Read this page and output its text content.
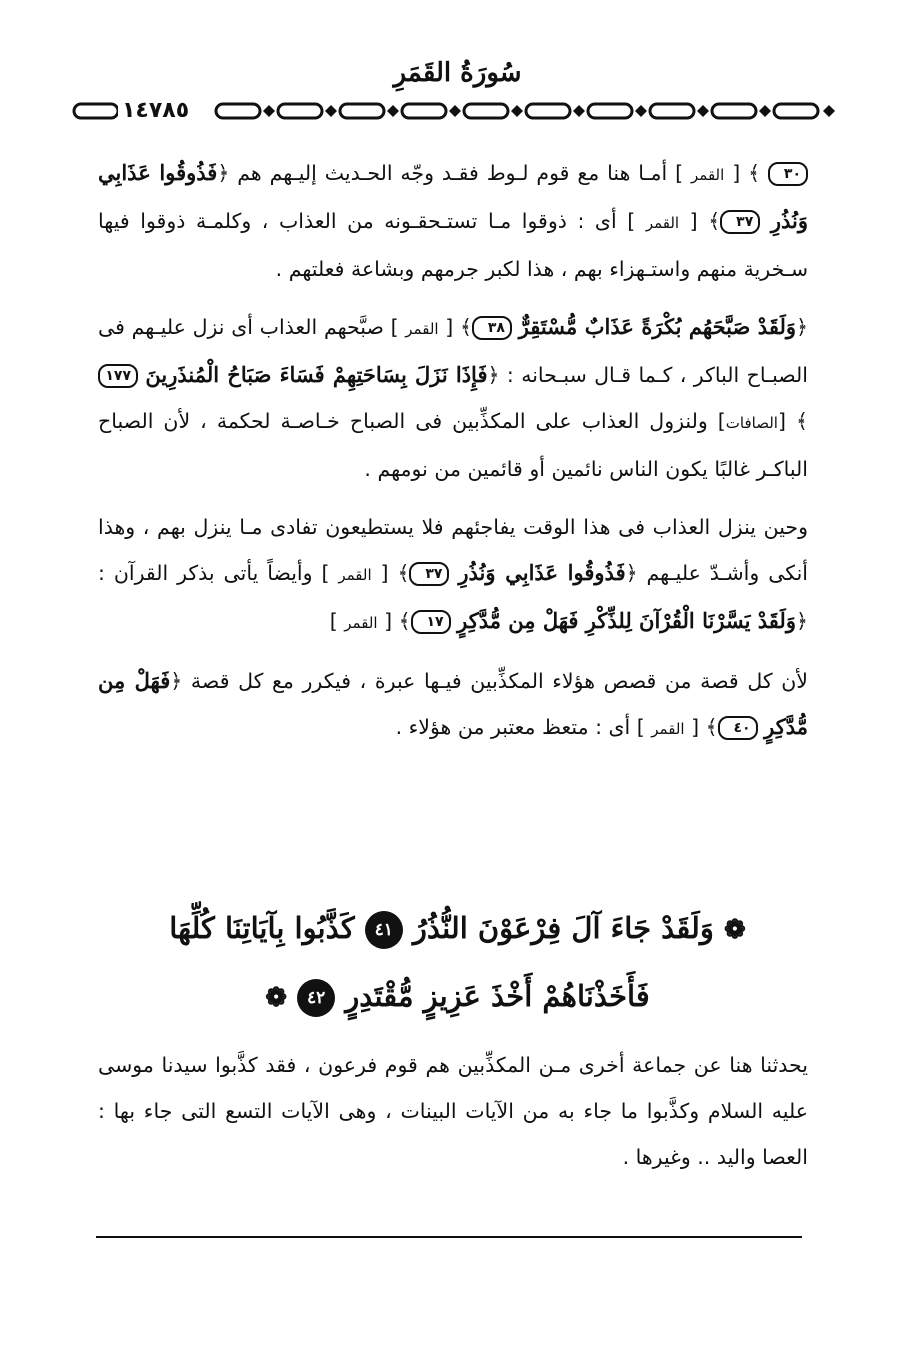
سُورَةُ القَمَرِ
١٤٧٨٥

٣٠ ﴾ [ القمر ] أمـا هنا مع قوم لـوط فقـد وجّه الحـديث إليـهم هم ﴿فَذُوقُوا عَذَابِي وَنُذُرِ ٣٧﴾ [ القمر ] أى : ذوقوا مـا تستـحقـونه من العذاب ، وكلمـة ذوقوا فيها سـخرية منهم واستـهزاء بهم ، هذا لكبر جرمهم وبشاعة فعلتهم .

﴿وَلَقَدْ صَبَّحَهُم بُكْرَةً عَذَابٌ مُّسْتَقِرٌّ ٣٨﴾ [ القمر ] صبَّحهم العذاب أى نزل عليـهم فى الصبـاح الباكر ، كـما قـال سبـحانه : ﴿فَإِذَا نَزَلَ بِسَاحَتِهِمْ فَسَاءَ صَبَاحُ الْمُنذَرِينَ ١٧٧﴾ [الصافات] ولنزول العذاب على المكذِّبين فى الصباح خـاصـة لحكمة ، لأن الصباح الباكـر غالبًا يكون الناس نائمين أو قائمين من نومهم .

وحين ينزل العذاب فى هذا الوقت يفاجئهم فلا يستطيعون تفادى مـا ينزل بهم ، وهذا أنكى وأشـدّ عليـهم ﴿فَذُوقُوا عَذَابِي وَنُذُرِ ٣٧﴾ [ القمر ] وأيضاً يأتى بذكر القرآن : ﴿وَلَقَدْ يَسَّرْنَا الْقُرْآنَ لِلذِّكْرِ فَهَلْ مِن مُّدَّكِرٍ ١٧﴾ [ القمر ]

لأن كل قصة من قصص هؤلاء المكذِّبين فيـها عبرة ، فيكرر مع كل قصة ﴿فَهَلْ مِن مُّدَّكِرٍ ٤٠﴾ [ القمر ] أى : متعظ معتبر من هؤلاء .

❁ وَلَقَدْ جَاءَ آلَ فِرْعَوْنَ النُّذُرُ ٤١ كَذَّبُوا بِآيَاتِنَا كُلِّهَا
فَأَخَذْنَاهُمْ أَخْذَ عَزِيزٍ مُّقْتَدِرٍ ٤٢ ❁

يحدثنا هنا عن جماعة أخرى مـن المكذِّبين هم قوم فرعون ، فقد كذَّبوا سيدنا موسى عليه السلام وكذَّبوا ما جاء به من الآيات البينات ، وهى الآيات التسع التى جاء بها : العصا واليد .. وغيرها .
